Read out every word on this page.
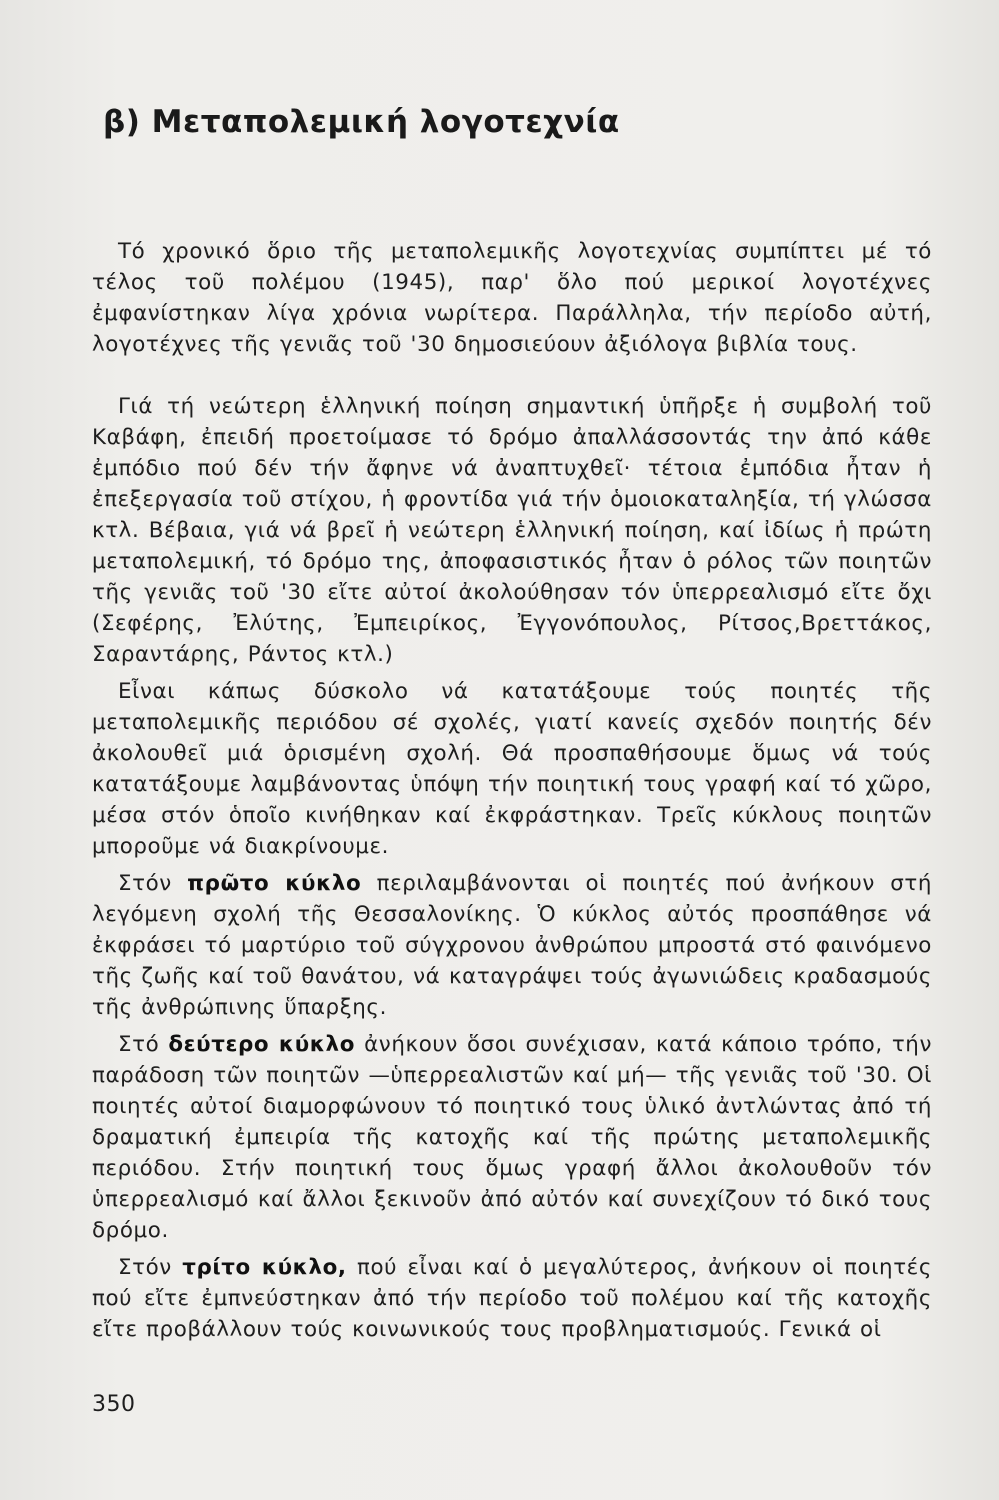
β) Μεταπολεμική λογοτεχνία

Τό χρονικό ὅριο τῆς μεταπολεμικῆς λογοτεχνίας συμπίπτει μέ τό τέλος τοῦ πολέμου (1945), παρ' ὅλο πού μερικοί λογοτέχνες ἐμφανίστηκαν λίγα χρόνια νωρίτερα. Παράλληλα, τήν περίοδο αὐτή, λογοτέχνες τῆς γενιᾶς τοῦ '30 δημοσιεύουν ἀξιόλογα βιβλία τους.

Γιά τή νεώτερη ἑλληνική ποίηση σημαντική ὑπῆρξε ἡ συμβολή τοῦ Καβάφη, ἐπειδή προετοίμασε τό δρόμο ἀπαλλάσσοντάς την ἀπό κάθε ἐμπόδιο πού δέν τήν ἄφηνε νά ἀναπτυχθεῖ· τέτοια ἐμπόδια ἦταν ἡ ἐπεξεργασία τοῦ στίχου, ἡ φροντίδα γιά τήν ὁμοιοκαταληξία, τή γλώσσα κτλ. Βέβαια, γιά νά βρεῖ ἡ νεώτερη ἑλληνική ποίηση, καί ἰδίως ἡ πρώτη μεταπολεμική, τό δρόμο της, ἀποφασιστικός ἦταν ὁ ρόλος τῶν ποιητῶν τῆς γενιᾶς τοῦ '30 εἴτε αὐτοί ἀκολούθησαν τόν ὑπερρεαλισμό εἴτε ὄχι (Σεφέρης, Ἐλύτης, Ἐμπειρίκος, Ἐγγονόπουλος, Ρίτσος,Βρεττάκος, Σαραντάρης, Ράντος κτλ.)

Εἶναι κάπως δύσκολο νά κατατάξουμε τούς ποιητές τῆς μεταπολεμικῆς περιόδου σέ σχολές, γιατί κανείς σχεδόν ποιητής δέν ἀκολουθεῖ μιά ὁρισμένη σχολή. Θά προσπαθήσουμε ὅμως νά τούς κατατάξουμε λαμβάνοντας ὑπόψη τήν ποιητική τους γραφή καί τό χῶρο, μέσα στόν ὁποῖο κινήθηκαν καί ἐκφράστηκαν. Τρεῖς κύκλους ποιητῶν μποροῦμε νά διακρίνουμε.

Στόν πρῶτο κύκλο περιλαμβάνονται οἱ ποιητές πού ἀνήκουν στή λεγόμενη σχολή τῆς Θεσσαλονίκης. Ὁ κύκλος αὐτός προσπάθησε νά ἐκφράσει τό μαρτύριο τοῦ σύγχρονου ἀνθρώπου μπροστά στό φαινόμενο τῆς ζωῆς καί τοῦ θανάτου, νά καταγράψει τούς ἀγωνιώδεις κραδασμούς τῆς ἀνθρώπινης ὕπαρξης.

Στό δεύτερο κύκλο ἀνήκουν ὅσοι συνέχισαν, κατά κάποιο τρόπο, τήν παράδοση τῶν ποιητῶν —ὑπερρεαλιστῶν καί μή— τῆς γενιᾶς τοῦ '30. Οἱ ποιητές αὐτοί διαμορφώνουν τό ποιητικό τους ὑλικό ἀντλώντας ἀπό τή δραματική ἐμπειρία τῆς κατοχῆς καί τῆς πρώτης μεταπολεμικῆς περιόδου. Στήν ποιητική τους ὅμως γραφή ἄλλοι ἀκολουθοῦν τόν ὑπερρεαλισμό καί ἄλλοι ξεκινοῦν ἀπό αὐτόν καί συνεχίζουν τό δικό τους δρόμο.

Στόν τρίτο κύκλο, πού εἶναι καί ὁ μεγαλύτερος, ἀνήκουν οἱ ποιητές πού εἴτε ἐμπνεύστηκαν ἀπό τήν περίοδο τοῦ πολέμου καί τῆς κατοχῆς εἴτε προβάλλουν τούς κοινωνικούς τους προβληματισμούς. Γενικά οἱ

350
